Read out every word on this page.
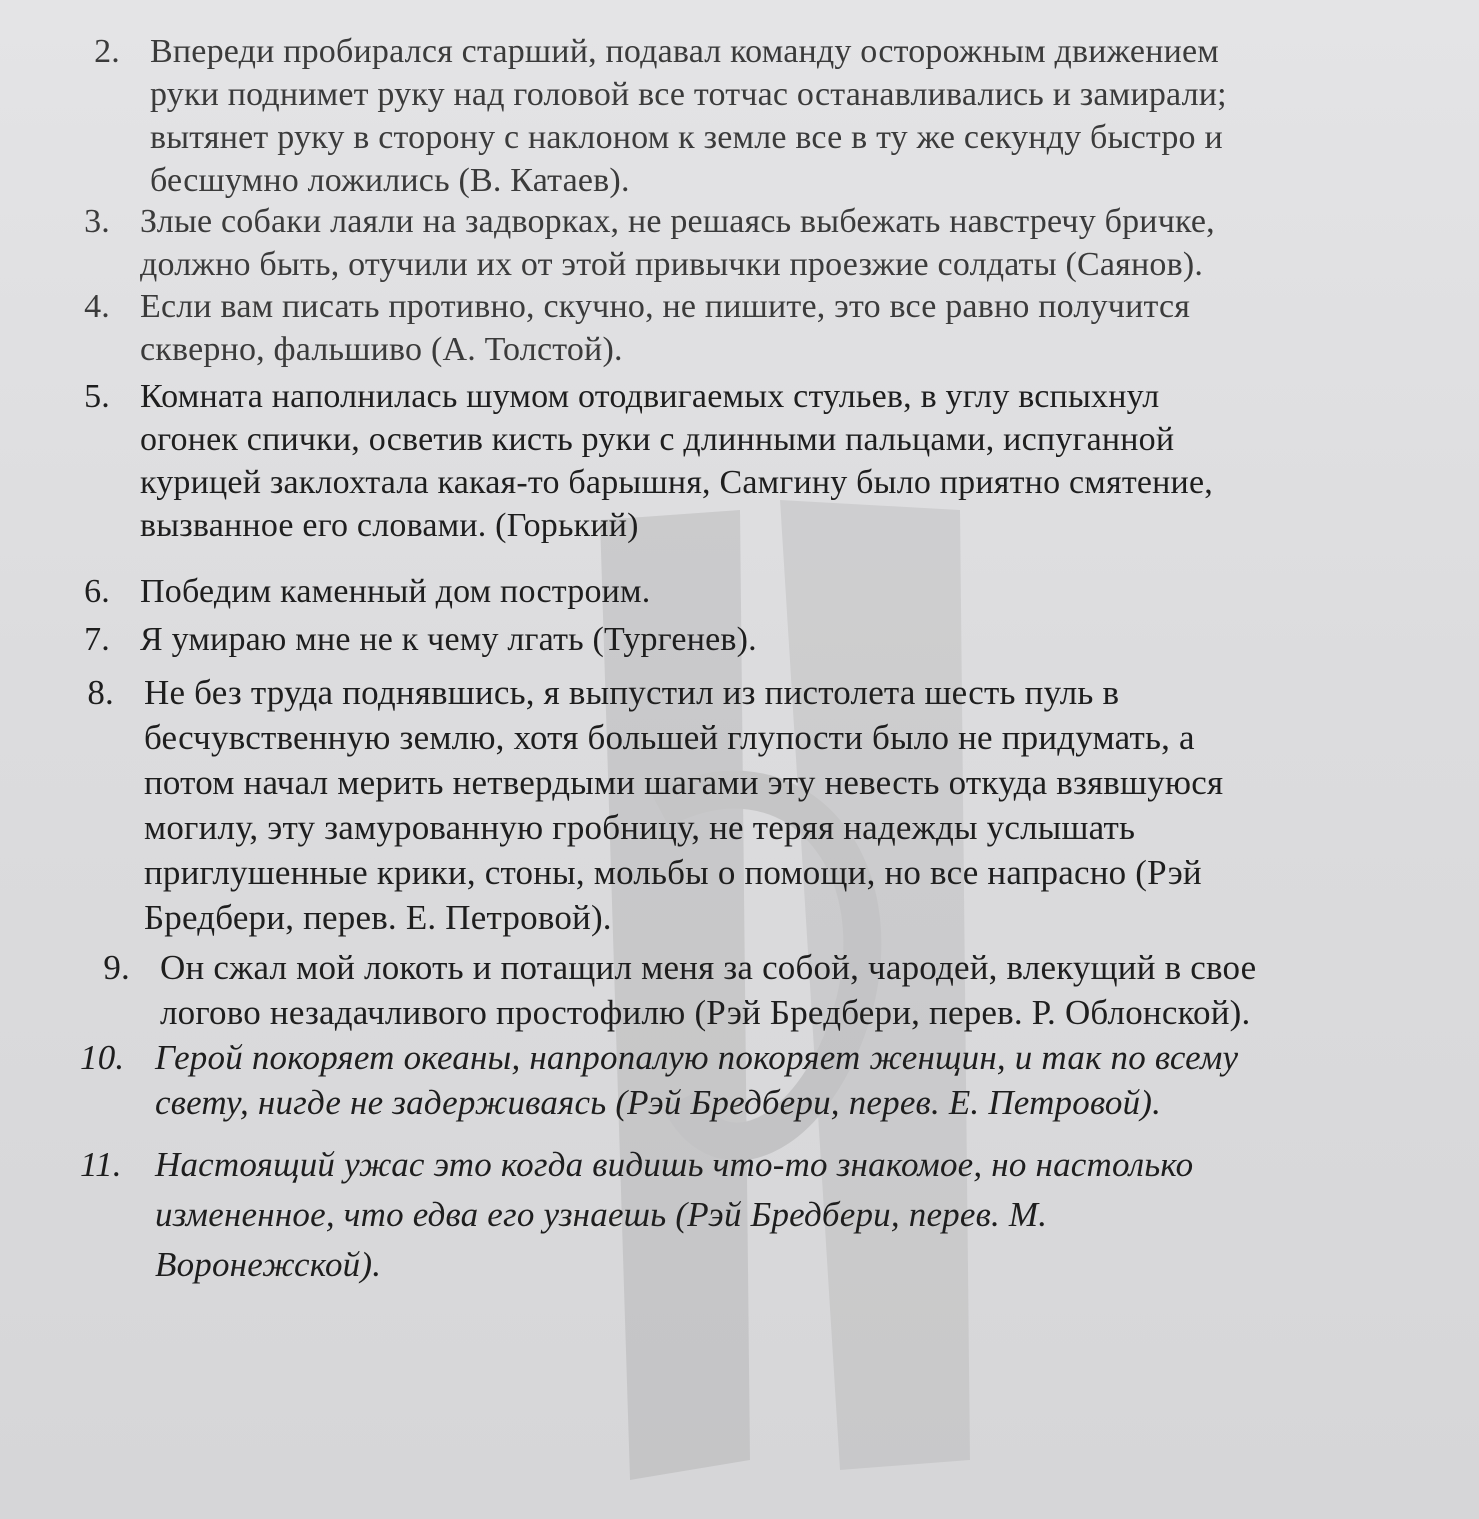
2. Впереди пробирался старший, подавал команду осторожным движением
руки поднимет руку над головой все тотчас останавливались и замирали;
вытянет руку в сторону с наклоном к земле все в ту же секунду быстро и
бесшумно ложились (В. Катаев).
3. Злые собаки лаяли на задворках, не решаясь выбежать навстречу бричке,
должно быть, отучили их от этой привычки проезжие солдаты (Саянов).
4. Если вам писать противно, скучно, не пишите, это все равно получится
скверно, фальшиво (А. Толстой).
5. Комната наполнилась шумом отодвигаемых стульев, в углу вспыхнул
огонек спички, осветив кисть руки с длинными пальцами, испуганной
курицей заклохтала какая-то барышня, Самгину было приятно смятение,
вызванное его словами. (Горький)
6. Победим каменный дом построим.
7. Я умираю мне не к чему лгать (Тургенев).
8. Не без труда поднявшись, я выпустил из пистолета шесть пуль в
бесчувственную землю, хотя большей глупости было не придумать, а
потом начал мерить нетвердыми шагами эту невесть откуда взявшуюся
могилу, эту замурованную гробницу, не теряя надежды услышать
приглушенные крики, стоны, мольбы о помощи, но все напрасно (Рэй
Бредбери, перев. Е. Петровой).
9. Он сжал мой локоть и потащил меня за собой, чародей, влекущий в свое
логово незадачливого простофилю (Рэй Бредбери, перев. Р. Облонской).
10. Герой покоряет океаны, напропалую покоряет женщин, и так по всему
свету, нигде не задерживаясь (Рэй Бредбери, перев. Е. Петровой).
11. Настоящий ужас это когда видишь что-то знакомое, но настолько
измененное, что едва его узнаешь (Рэй Бредбери, перев. М.
Воронежской).
